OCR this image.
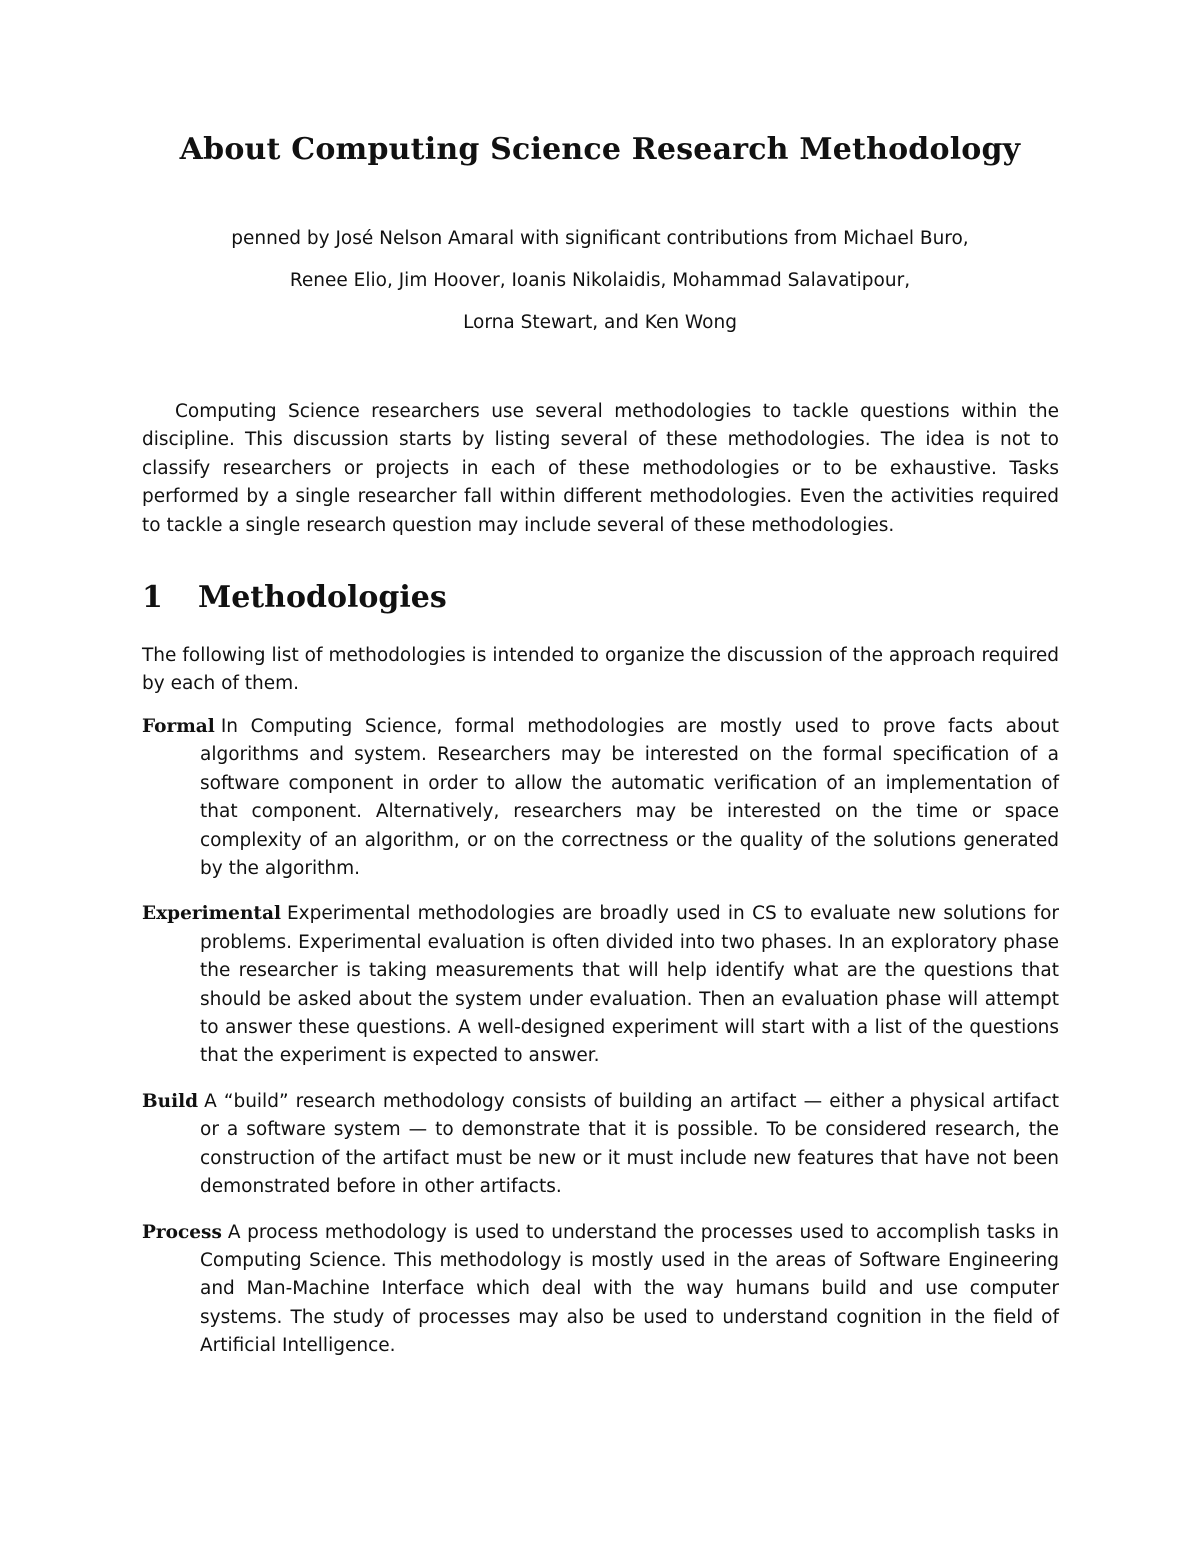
About Computing Science Research Methodology
penned by José Nelson Amaral with significant contributions from Michael Buro,
Renee Elio, Jim Hoover, Ioanis Nikolaidis, Mohammad Salavatipour,
Lorna Stewart, and Ken Wong

Computing Science researchers use several methodologies to tackle questions within the discipline. This discussion starts by listing several of these methodologies. The idea is not to classify researchers or projects in each of these methodologies or to be exhaustive. Tasks performed by a single researcher fall within different methodologies. Even the activities required to tackle a single research question may include several of these methodologies.

1 Methodologies

The following list of methodologies is intended to organize the discussion of the approach required by each of them.

Formal In Computing Science, formal methodologies are mostly used to prove facts about algorithms and system. Researchers may be interested on the formal specification of a software component in order to allow the automatic verification of an implementation of that component. Alternatively, researchers may be interested on the time or space complexity of an algorithm, or on the correctness or the quality of the solutions generated by the algorithm.
Experimental Experimental methodologies are broadly used in CS to evaluate new solutions for problems. Experimental evaluation is often divided into two phases. In an exploratory phase the researcher is taking measurements that will help identify what are the questions that should be asked about the system under evaluation. Then an evaluation phase will attempt to answer these questions. A well-designed experiment will start with a list of the questions that the experiment is expected to answer.
Build A “build” research methodology consists of building an artifact — either a physical artifact or a software system — to demonstrate that it is possible. To be considered research, the construction of the artifact must be new or it must include new features that have not been demonstrated before in other artifacts.
Process A process methodology is used to understand the processes used to accomplish tasks in Computing Science. This methodology is mostly used in the areas of Software Engineering and Man-Machine Interface which deal with the way humans build and use computer systems. The study of processes may also be used to understand cognition in the field of Artificial Intelligence.
